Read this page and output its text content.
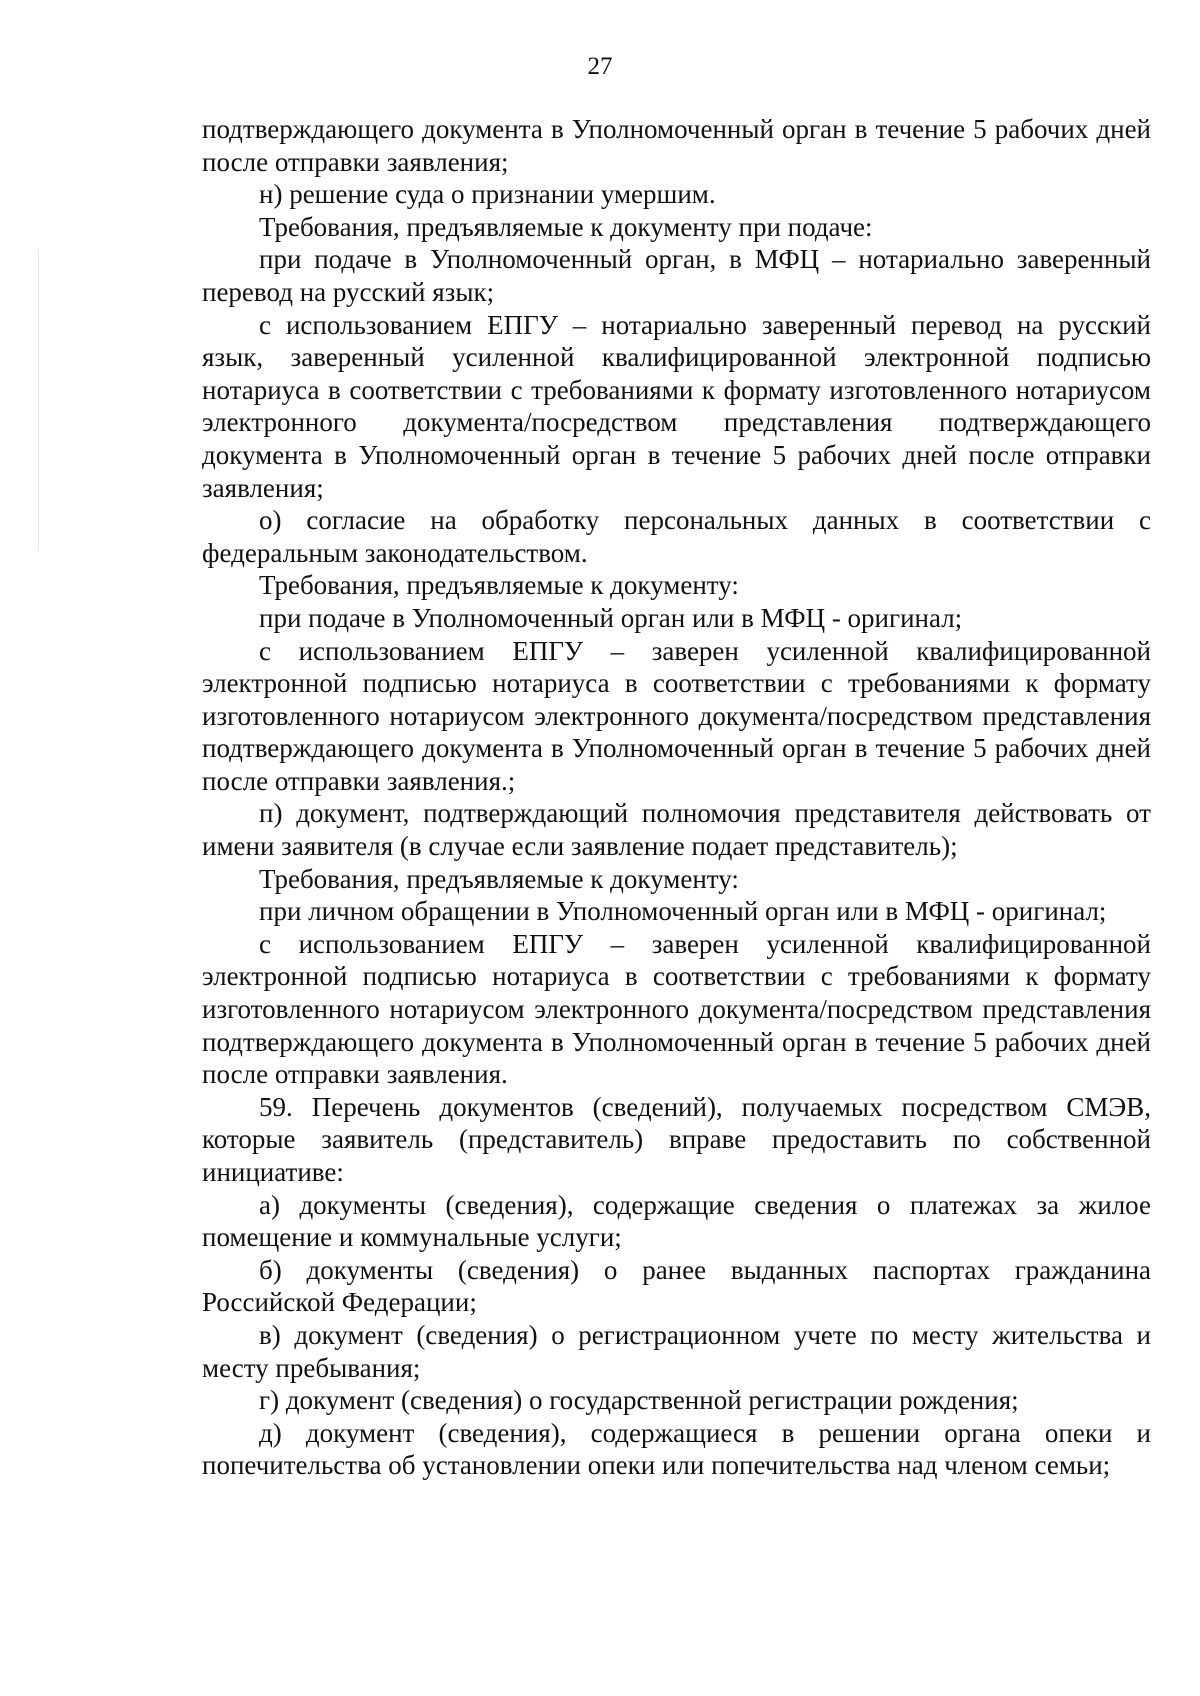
27

подтверждающего документа в Уполномоченный орган в течение 5 рабочих дней после отправки заявления;

н) решение суда о признании умершим.

Требования, предъявляемые к документу при подаче:

при подаче в Уполномоченный орган, в МФЦ – нотариально заверенный перевод на русский язык;

с использованием ЕПГУ – нотариально заверенный перевод на русский язык, заверенный усиленной квалифицированной электронной подписью нотариуса в соответствии с требованиями к формату изготовленного нотариусом электронного документа/посредством представления подтверждающего документа в Уполномоченный орган в течение 5 рабочих дней после отправки заявления;

о) согласие на обработку персональных данных в соответствии с федеральным законодательством.

Требования, предъявляемые к документу:

при подаче в Уполномоченный орган или в МФЦ - оригинал;

с использованием ЕПГУ – заверен усиленной квалифицированной электронной подписью нотариуса в соответствии с требованиями к формату изготовленного нотариусом электронного документа/посредством представления подтверждающего документа в Уполномоченный орган в течение 5 рабочих дней после отправки заявления.;

п) документ, подтверждающий полномочия представителя действовать от имени заявителя (в случае если заявление подает представитель);

Требования, предъявляемые к документу:

при личном обращении в Уполномоченный орган или в МФЦ - оригинал;

с использованием ЕПГУ – заверен усиленной квалифицированной электронной подписью нотариуса в соответствии с требованиями к формату изготовленного нотариусом электронного документа/посредством представления подтверждающего документа в Уполномоченный орган в течение 5 рабочих дней после отправки заявления.

59. Перечень документов (сведений), получаемых посредством СМЭВ, которые заявитель (представитель) вправе предоставить по собственной инициативе:

а) документы (сведения), содержащие сведения о платежах за жилое помещение и коммунальные услуги;

б) документы (сведения) о ранее выданных паспортах гражданина Российской Федерации;

в) документ (сведения) о регистрационном учете по месту жительства и месту пребывания;

г) документ (сведения) о государственной регистрации рождения;

д) документ (сведения), содержащиеся в решении органа опеки и попечительства об установлении опеки или попечительства над членом семьи;
